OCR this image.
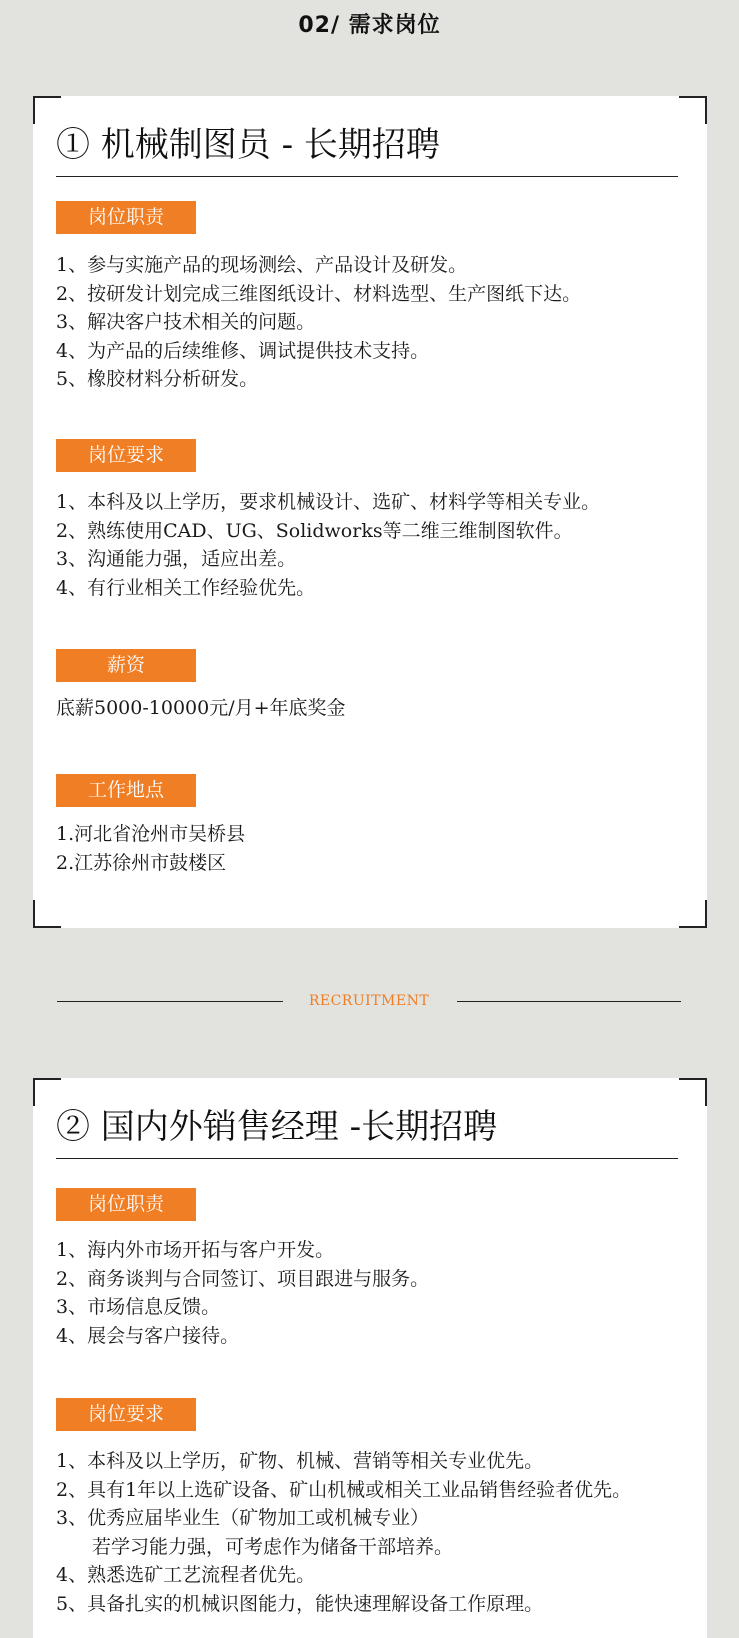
02/ 需求岗位
① 机械制图员 - 长期招聘
岗位职责
1、参与实施产品的现场测绘、产品设计及研发。
2、按研发计划完成三维图纸设计、材料选型、生产图纸下达。
3、解决客户技术相关的问题。
4、为产品的后续维修、调试提供技术支持。
5、橡胶材料分析研发。
岗位要求
1、本科及以上学历，要求机械设计、选矿、材料学等相关专业。
2、熟练使用CAD、UG、Solidworks等二维三维制图软件。
3、沟通能力强，适应出差。
4、有行业相关工作经验优先。
薪资
底薪5000-10000元/月+年底奖金
工作地点
1.河北省沧州市吴桥县
2.江苏徐州市鼓楼区
RECRUITMENT
② 国内外销售经理 -长期招聘
岗位职责
1、海内外市场开拓与客户开发。
2、商务谈判与合同签订、项目跟进与服务。
3、市场信息反馈。
4、展会与客户接待。
岗位要求
1、本科及以上学历，矿物、机械、营销等相关专业优先。
2、具有1年以上选矿设备、矿山机械或相关工业品销售经验者优先。
3、优秀应届毕业生（矿物加工或机械专业）
若学习能力强，可考虑作为储备干部培养。
4、熟悉选矿工艺流程者优先。
5、具备扎实的机械识图能力，能快速理解设备工作原理。
